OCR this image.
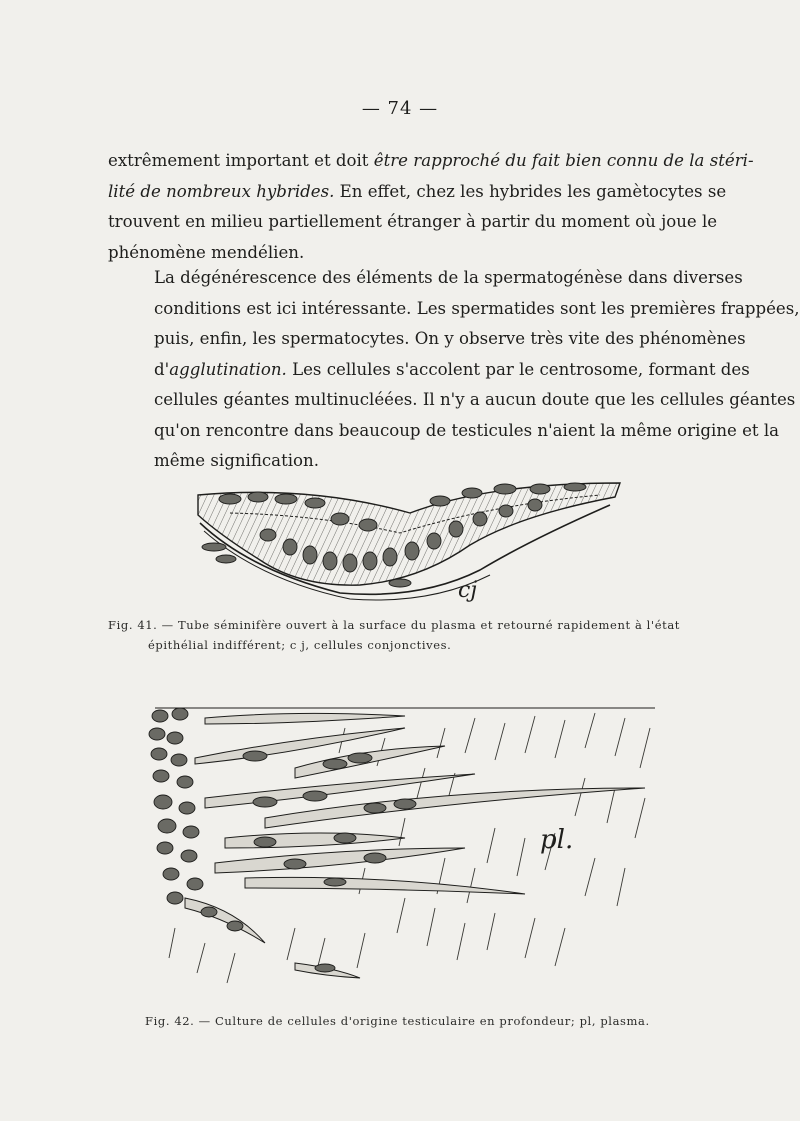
— 74 —

extrêmement important et doit être rapproché du fait bien connu de la stéri-
lité de nombreux hybrides. En effet, chez les hybrides les gamètocytes se
trouvent en milieu partiellement étranger à partir du moment où joue le
phénomène mendélien.

La dégénérescence des éléments de la spermatogénèse dans diverses
conditions est ici intéressante. Les spermatides sont les premières frappées,
puis, enfin, les spermatocytes. On y observe très vite des phénomènes
d'agglutination. Les cellules s'accolent par le centrosome, formant des
cellules géantes multinucléées. Il n'y a aucun doute que les cellules géantes
qu'on rencontre dans beaucoup de testicules n'aient la même origine et la
même signification.

cj

Fig. 41. — Tube séminifère ouvert à la surface du plasma et retourné rapidement à l'état

épithélial indifférent; c j, cellules conjonctives.

pl.

Fig. 42. — Culture de cellules d'origine testiculaire en profondeur; pl, plasma.
